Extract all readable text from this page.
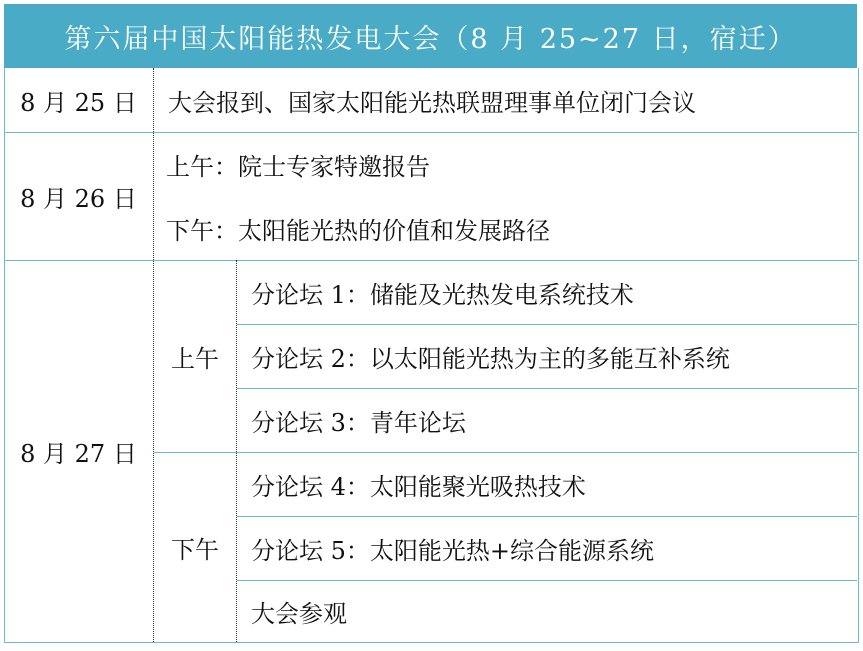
第六届中国太阳能热发电大会（8 月 25~27 日，宿迁）
8 月 25 日	大会报到、国家太阳能光热联盟理事单位闭门会议
8 月 26 日
上午：院士专家特邀报告
下午：太阳能光热的价值和发展路径
8 月 27 日
上午
下午
分论坛 1：储能及光热发电系统技术
分论坛 2：以太阳能光热为主的多能互补系统
分论坛 3：青年论坛
分论坛 4：太阳能聚光吸热技术
分论坛 5：太阳能光热+综合能源系统
大会参观
